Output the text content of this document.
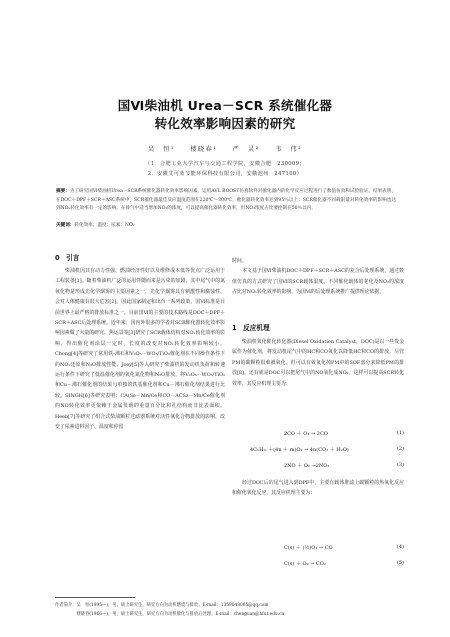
国Ⅵ柴油机 Urea－SCR 系统催化器
转化效率影响因素的研究
吴　恒¹　　楼晓春¹　　严　灵²　　韦　伟²
（1．合肥工业大学汽车与交通工程学院，安徽合肥　230009；
2．安徽艾可蓝节能环保科技有限公司，安徽池州　247100）
摘要：为了研究国Ⅵ柴油机Urea－SCR系统催化器转化效率影响因素，运用AVL BOOST仿真软件对催化器内的化学反应过程进行了数值仿真和试验验证。结果表明，在DOC＋DPF＋SCR＋ASC系统中，SCR催化器最佳反应温度范围在220℃～300℃，催化器转化效率达到95％以上；SCR催化器不同载银量对转化效率的影响也达到NOₓ转化效率有一定的影响。在排气中适当增加NO₂的浓度，可以提高催化器转化效率，但NO₂浓度占比要控制在50％以内。
关键词：转化效率；温度；尿素；NO₂
0　引言

柴油机因其有动力性强、燃油经济性好以及维修成本低等优点广泛运用于工程装备[1]。随着柴油机广泛的运用伴随而来是污染的加剧，其中尾气中的氮氧化物是形成光化学烟雾的主要因素之一，光化学烟雾具有刺激性和腐蚀性，会对人体健康有很大危害[2]。因此国家制定和出台一系列政策，国Ⅵ标准是目前世界上最严格的排放标准之一。目前国Ⅵ的主要的技术路线是DOC＋DPF＋SCR＋ASC后处理系统。近年来，国内外很多的学者对SCR催化器转化效率影响因素做了大量的研究。焦运景等[3]研究了SCR载体结构对NOₓ转化效率的影响，得出催化剂涂层一定时，长度的改变对NOₓ转化效率影响较小。Chong[4]等研究了常用铁-沸石和V₂O₅－WO₃/TiO₂催化剂在不同操作条件下的NOₓ还原和N₂O排放性能。Joey[5]等人研究了柴油机的发动机负荷和转速运行条件下研究了低温催化剂的氧化氮化物和N₂O排放。将V₂O₅－WO₃/TiO₂和Cu－沸石催化剂的结果与单独的铁基催化剂和Cu－沸石催化剂结果进行比较。SINGH[6]等研究表明：CA(Se－Mn/Ce和CO－ACSz－Mn/Ce催化剂的NO转化效率更依赖于金属负载的重量百分比和孔结构而非比表面积。Heeb[7]等研究了组合式柴油颗粒过滤器系统对活性氧化合物排放的影响，改变了尿素进料因子、温度和停留

时间。

本文基于国Ⅵ柴油机DOC＋DPF＋SCR＋ASC的复合后处理系统，通过数值仿真的方式研究了国Ⅵ的SCR载体温度、不同催化载体的老化及NO₂的浓度占比对NOₓ转化效率的影响，为国Ⅵ的后处理系统推广提供理论依据。

1　反应机理

柴油机氧化催化转化器(Diesel Oxidation Catalyst，DOC)是以一些贵金属作为催化剂，将发动机尾气中的HC和CO氧化以降低HC和CO的排放。尽管PM的碳颗粒很难被氧化，但可以有效氧化掉PM中的SOF部分来降低PM的排放[8]。还有就是DOC可以把尾气中的NO氧化成NO₂，这样可以提高SCR转化效率，其反应机理主要为：

2CO ＋ O₂ → 2CO	(1)
4CₙHₘ ＋(4n ＋ m)O₂ → 4n(CO₂ ＋ H₂O)	(2)
2NO ＋ O₂ →2NO₂	(3)

经过DOC后的尾气进入到DPF中，主要有载体堆滤上碳颗粒的热氧化反应和催化氧化反应，其反应机理主要为：

C(s) ＋ (½)O₂ → CO	(4)
C(s) ＋ O₂ → CO₂	(5)
作者简介：吴　恒(1995—)，男，硕士研究生，研究方向为动机燃烧与排放。E-mail：1359048065@qq.com
　　　　　楼晓春(1966—)，男，硕士研究生，研究方向为动机催化与排放后处理。E-mail：chenguan@hfut.edu.cn
